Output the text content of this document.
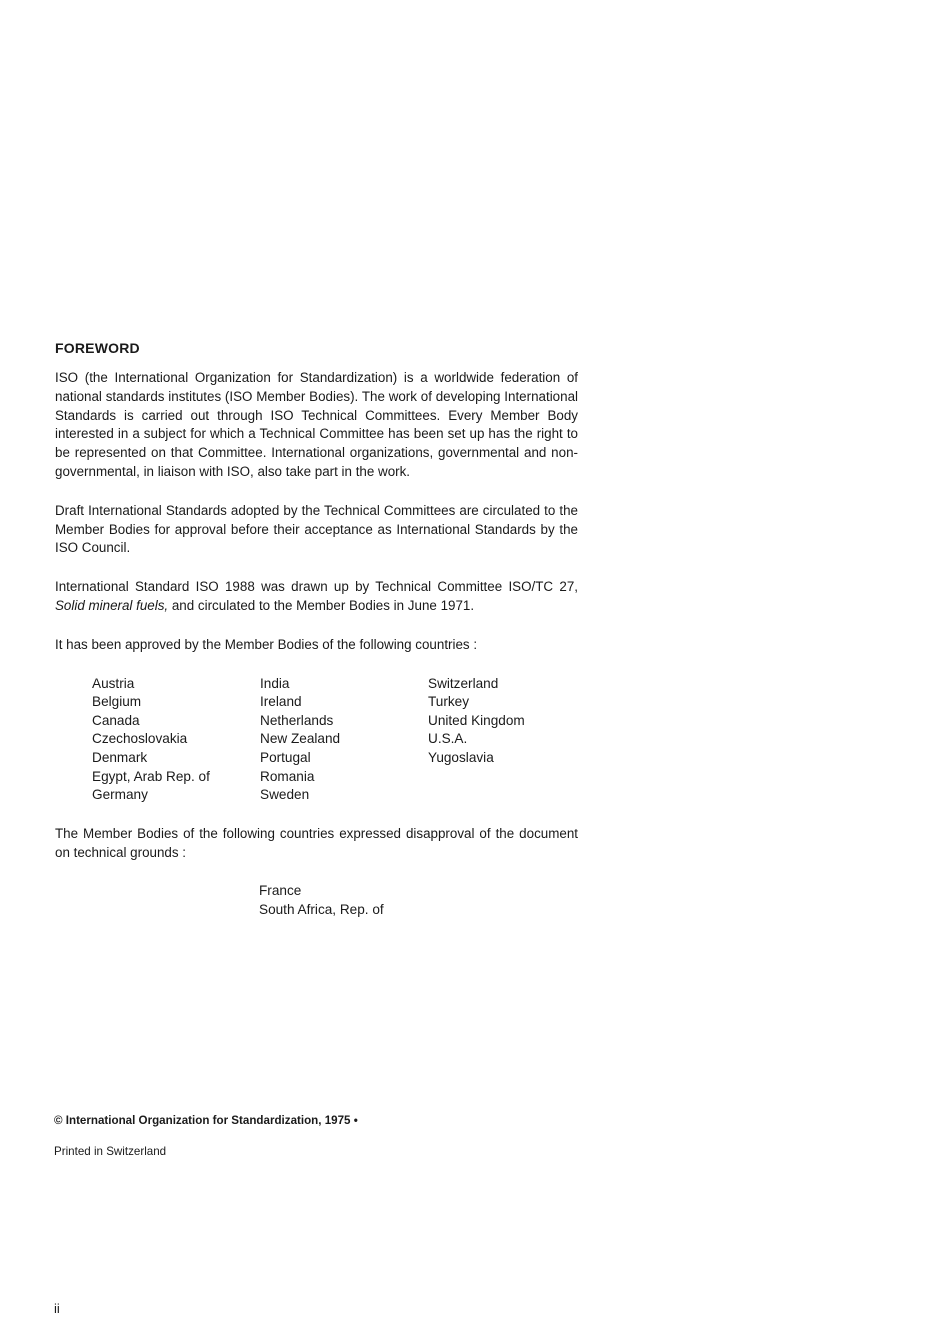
FOREWORD

ISO (the International Organization for Standardization) is a worldwide federation of national standards institutes (ISO Member Bodies). The work of developing International Standards is carried out through ISO Technical Committees. Every Member Body interested in a subject for which a Technical Committee has been set up has the right to be represented on that Committee. International organizations, governmental and non-governmental, in liaison with ISO, also take part in the work.

Draft International Standards adopted by the Technical Committees are circulated to the Member Bodies for approval before their acceptance as International Standards by the ISO Council.

International Standard ISO 1988 was drawn up by Technical Committee ISO/TC 27, Solid mineral fuels, and circulated to the Member Bodies in June 1971.

It has been approved by the Member Bodies of the following countries :

Austria
Belgium
Canada
Czechoslovakia
Denmark
Egypt, Arab Rep. of
Germany
India
Ireland
Netherlands
New Zealand
Portugal
Romania
Sweden
Switzerland
Turkey
United Kingdom
U.S.A.
Yugoslavia

The Member Bodies of the following countries expressed disapproval of the document on technical grounds :

France
South Africa, Rep. of
© International Organization for Standardization, 1975 •
Printed in Switzerland
ii
